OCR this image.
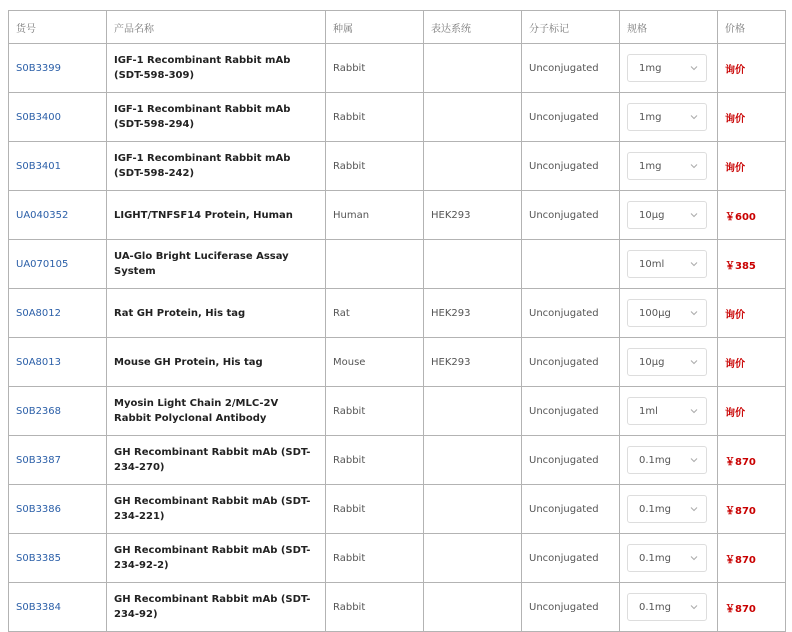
货号	产品名称	种属	表达系统	分子标记	规格	价格
S0B3399	IGF-1 Recombinant Rabbit mAb (SDT-598-309)	Rabbit		Unconjugated	1mg	询价
S0B3400	IGF-1 Recombinant Rabbit mAb (SDT-598-294)	Rabbit		Unconjugated	1mg	询价
S0B3401	IGF-1 Recombinant Rabbit mAb (SDT-598-242)	Rabbit		Unconjugated	1mg	询价
UA040352	LIGHT/TNFSF14 Protein, Human	Human	HEK293	Unconjugated	10μg	￥600
UA070105	UA-Glo Bright Luciferase Assay System				10ml	￥385
S0A8012	Rat GH Protein, His tag	Rat	HEK293	Unconjugated	100μg	询价
S0A8013	Mouse GH Protein, His tag	Mouse	HEK293	Unconjugated	10μg	询价
S0B2368	Myosin Light Chain 2/MLC-2V Rabbit Polyclonal Antibody	Rabbit		Unconjugated	1ml	询价
S0B3387	GH Recombinant Rabbit mAb (SDT-234-270)	Rabbit		Unconjugated	0.1mg	￥870
S0B3386	GH Recombinant Rabbit mAb (SDT-234-221)	Rabbit		Unconjugated	0.1mg	￥870
S0B3385	GH Recombinant Rabbit mAb (SDT-234-92-2)	Rabbit		Unconjugated	0.1mg	￥870
S0B3384	GH Recombinant Rabbit mAb (SDT-234-92)	Rabbit		Unconjugated	0.1mg	￥870
